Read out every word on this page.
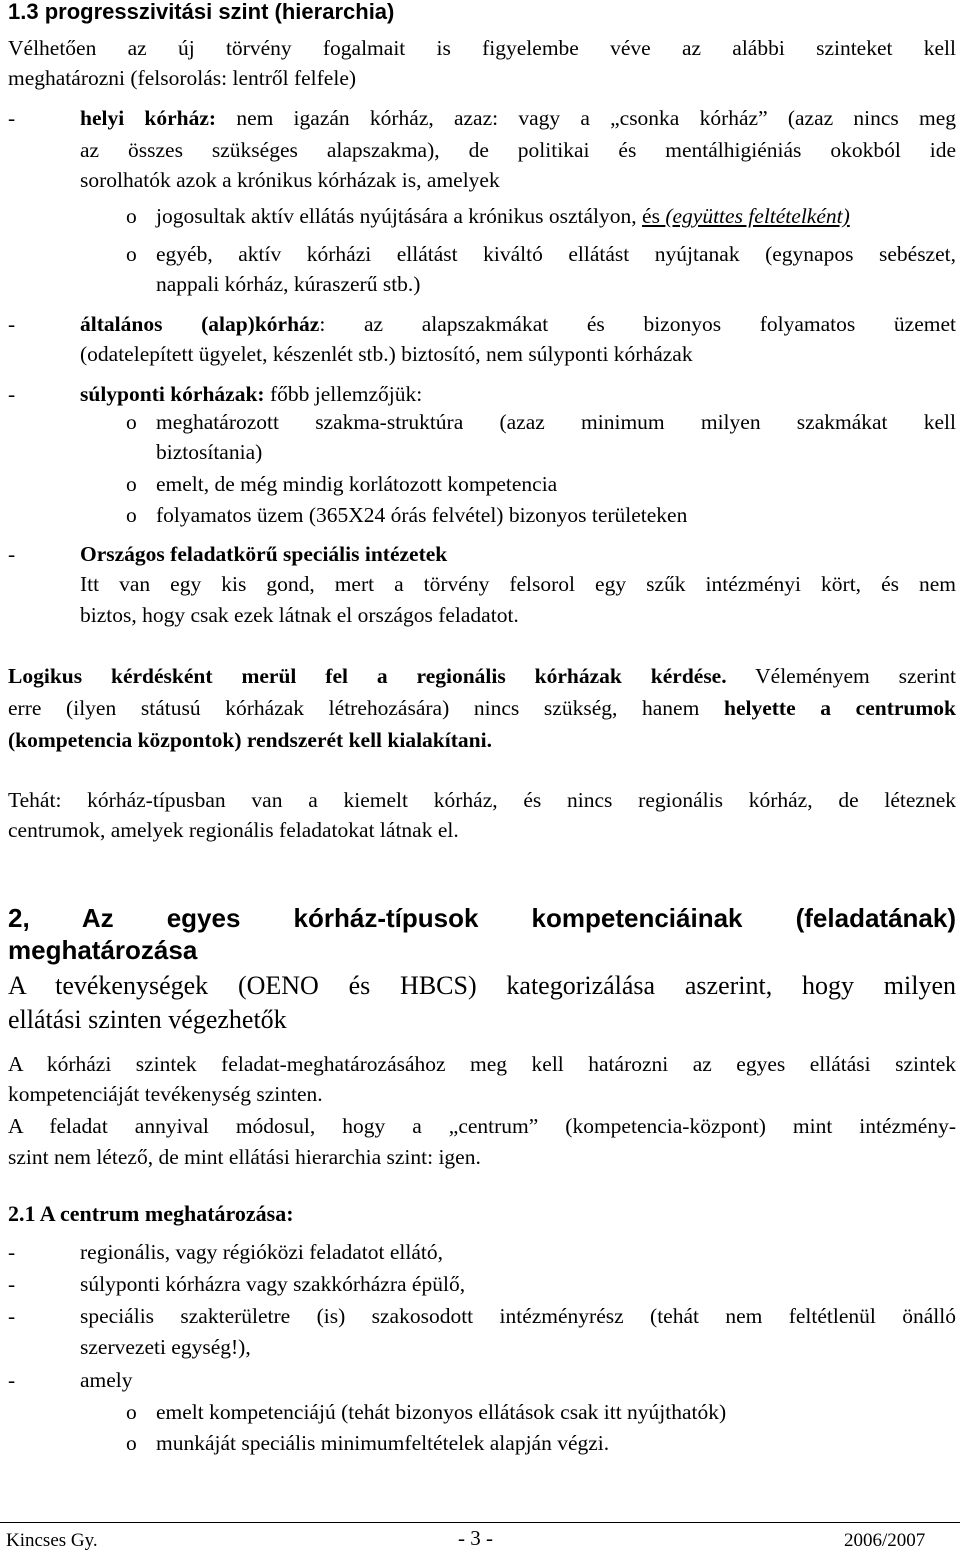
1.3 progresszivitási szint (hierarchia)
Vélhetően az új törvény fogalmait is figyelembe véve az alábbi szinteket kell
meghatározni (felsorolás: lentről felfele)
-	helyi kórház: nem igazán kórház, azaz: vagy a „csonka kórház” (azaz nincs meg
az összes szükséges alapszakma), de politikai és mentálhigiéniás okokból ide
sorolhatók azok a krónikus kórházak is, amelyek
o jogosultak aktív ellátás nyújtására a krónikus osztályon, és (együttes feltételként)
o egyéb, aktív kórházi ellátást kiváltó ellátást nyújtanak (egynapos sebészet,
nappali kórház, kúraszerű stb.)
-	általános (alap)kórház: az alapszakmákat és bizonyos folyamatos üzemet
(odatelepített ügyelet, készenlét stb.) biztosító, nem súlyponti kórházak
-	súlyponti kórházak: főbb jellemzőjük:
o meghatározott szakma-struktúra (azaz minimum milyen szakmákat kell
biztosítania)
o emelt, de még mindig korlátozott kompetencia
o folyamatos üzem (365X24 órás felvétel) bizonyos területeken
-	Országos feladatkörű speciális intézetek
Itt van egy kis gond, mert a törvény felsorol egy szűk intézményi kört, és nem
biztos, hogy csak ezek látnak el országos feladatot.
Logikus kérdésként merül fel a regionális kórházak kérdése. Véleményem szerint
erre (ilyen státusú kórházak létrehozására) nincs szükség, hanem helyette a centrumok
(kompetencia központok) rendszerét kell kialakítani.
Tehát: kórház-típusban van a kiemelt kórház, és nincs regionális kórház, de léteznek
centrumok, amelyek regionális feladatokat látnak el.
2, Az egyes kórház-típusok kompetenciáinak (feladatának)
meghatározása
A tevékenységek (OENO és HBCS) kategorizálása aszerint, hogy milyen
ellátási szinten végezhetők
A kórházi szintek feladat-meghatározásához meg kell határozni az egyes ellátási szintek
kompetenciáját tevékenység szinten.
A feladat annyival módosul, hogy a „centrum” (kompetencia-központ) mint intézmény-
szint nem létező, de mint ellátási hierarchia szint: igen.
2.1 A centrum meghatározása:
-	regionális, vagy régióközi feladatot ellátó,
-	súlyponti kórházra vagy szakkórházra épülő,
-	speciális szakterületre (is) szakosodott intézményrész (tehát nem feltétlenül önálló
szervezeti egység!),
-	amely
o emelt kompetenciájú (tehát bizonyos ellátások csak itt nyújthatók)
o munkáját speciális minimumfeltételek alapján végzi.
Kincses Gy.	- 3 -	2006/2007
